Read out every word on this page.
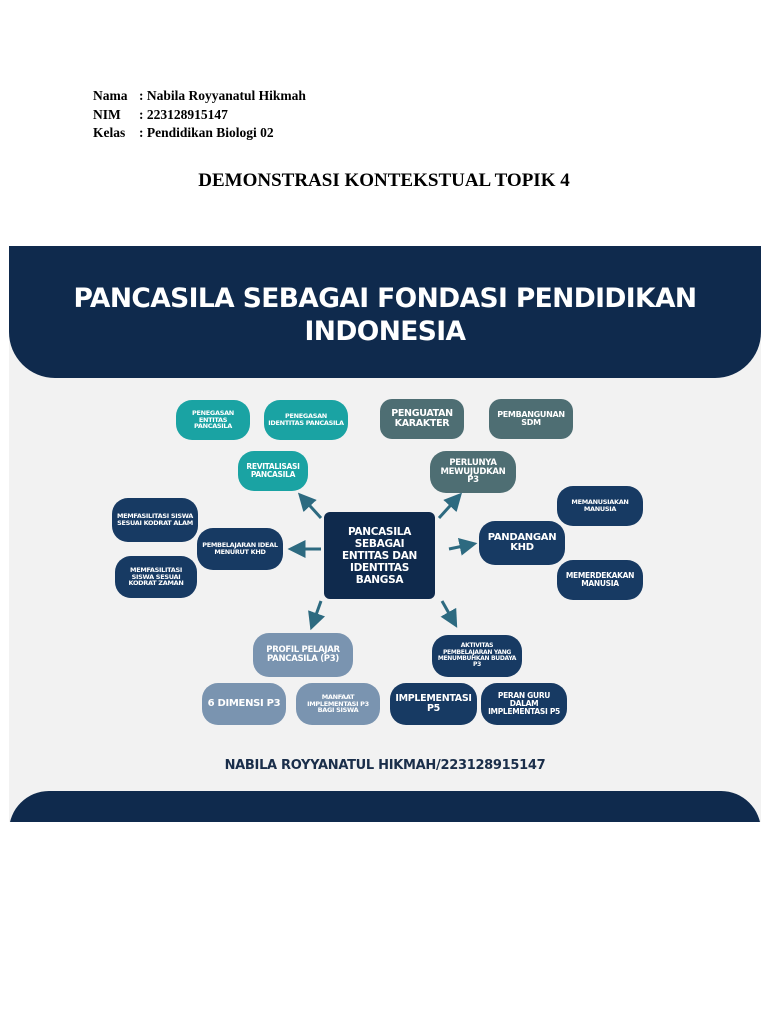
Nama : Nabila Royyanatul Hikmah
NIM	: 223128915147
Kelas	: Pendidikan Biologi 02
DEMONSTRASI KONTEKSTUAL TOPIK 4
PANCASILA SEBAGAI FONDASI PENDIDIKAN
INDONESIA
PENEGASAN ENTITAS PANCASILA
PENEGASAN IDENTITAS PANCASILA
PENGUATAN KARAKTER
PEMBANGUNAN SDM
REVITALISASI PANCASILA
PERLUNYA MEWUJUDKAN P3
MEMANUSIAKAN MANUSIA
PANDANGAN KHD
MEMERDEKAKAN MANUSIA
MEMFASILITASI SISWA SESUAI KODRAT ALAM
PEMBELAJARAN IDEAL MENURUT KHD
MEMFASILITASI SISWA SESUAI KODRAT ZAMAN
PANCASILA SEBAGAI ENTITAS DAN IDENTITAS BANGSA
PROFIL PELAJAR PANCASILA (P3)
6 DIMENSI P3
MANFAAT IMPLEMENTASI P3 BAGI SISWA
AKTIVITAS PEMBELAJARAN YANG MENUMBUHKAN BUDAYA P3
IMPLEMENTASI P5
PERAN GURU DALAM IMPLEMENTASI P5
NABILA ROYYANATUL HIKMAH/223128915147
